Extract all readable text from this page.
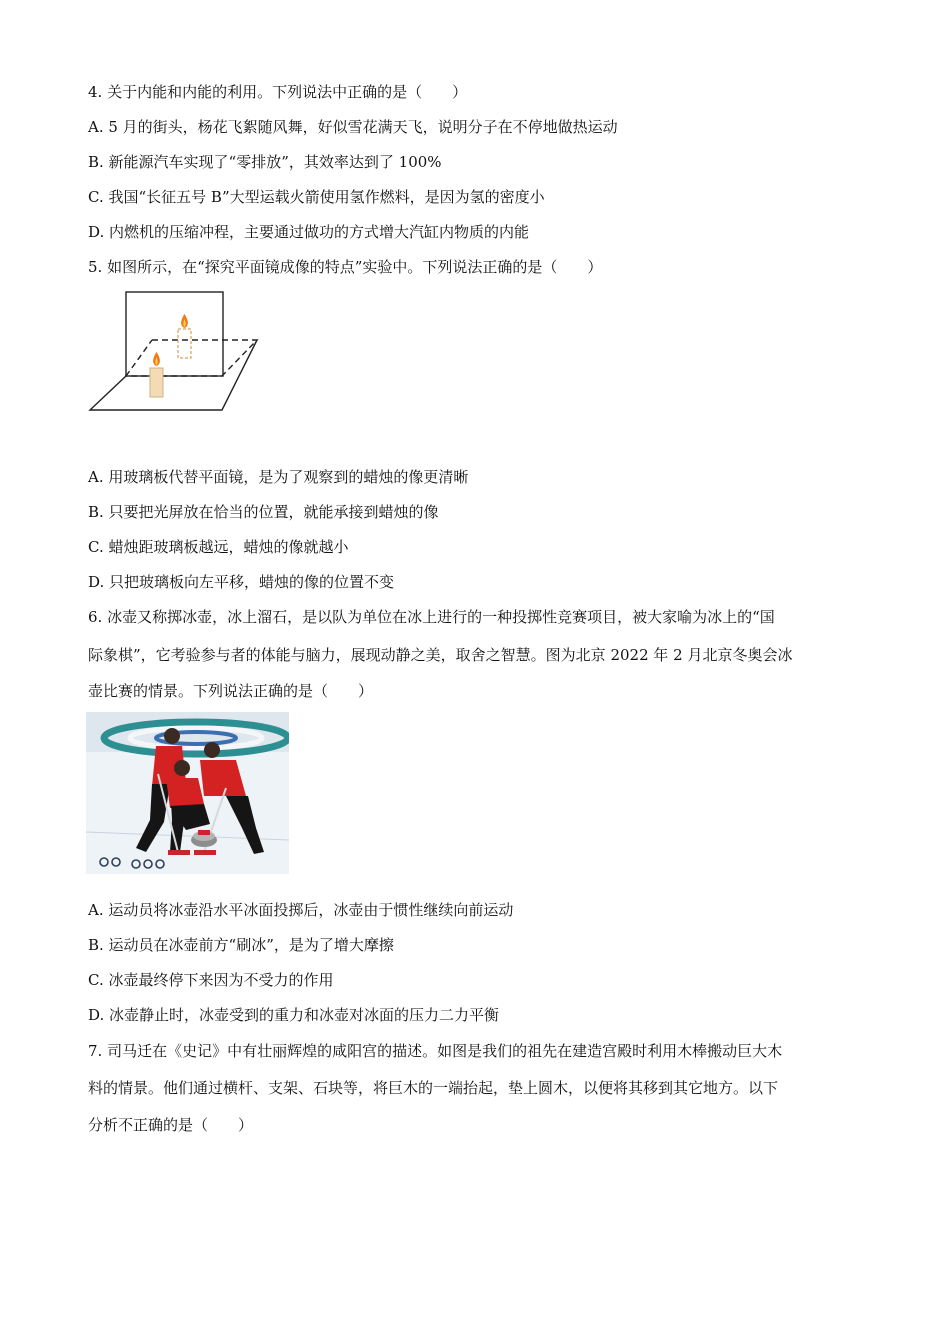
4. 关于内能和内能的利用。下列说法中正确的是（　　）
A. 5 月的街头，杨花飞絮随风舞，好似雪花满天飞，说明分子在不停地做热运动
B. 新能源汽车实现了“零排放”，其效率达到了 100%
C. 我国“长征五号 B”大型运载火箭使用氢作燃料，是因为氢的密度小
D. 内燃机的压缩冲程，主要通过做功的方式增大汽缸内物质的内能
5. 如图所示，在“探究平面镜成像的特点”实验中。下列说法正确的是（　　）
A. 用玻璃板代替平面镜，是为了观察到的蜡烛的像更清晰
B. 只要把光屏放在恰当的位置，就能承接到蜡烛的像
C. 蜡烛距玻璃板越远，蜡烛的像就越小
D. 只把玻璃板向左平移，蜡烛的像的位置不变
6. 冰壶又称掷冰壶，冰上溜石，是以队为单位在冰上进行的一种投掷性竞赛项目，被大家喻为冰上的“国
际象棋”，它考验参与者的体能与脑力，展现动静之美，取舍之智慧。图为北京 2022 年 2 月北京冬奥会冰
壶比赛的情景。下列说法正确的是（　　）
A. 运动员将冰壶沿水平冰面投掷后，冰壶由于惯性继续向前运动
B. 运动员在冰壶前方“刷冰”，是为了增大摩擦
C. 冰壶最终停下来因为不受力的作用
D. 冰壶静止时，冰壶受到的重力和冰壶对冰面的压力二力平衡
7. 司马迁在《史记》中有壮丽辉煌的咸阳宫的描述。如图是我们的祖先在建造宫殿时利用木棒搬动巨大木
料的情景。他们通过横杆、支架、石块等，将巨木的一端抬起，垫上圆木，以便将其移到其它地方。以下
分析不正确的是（　　）
